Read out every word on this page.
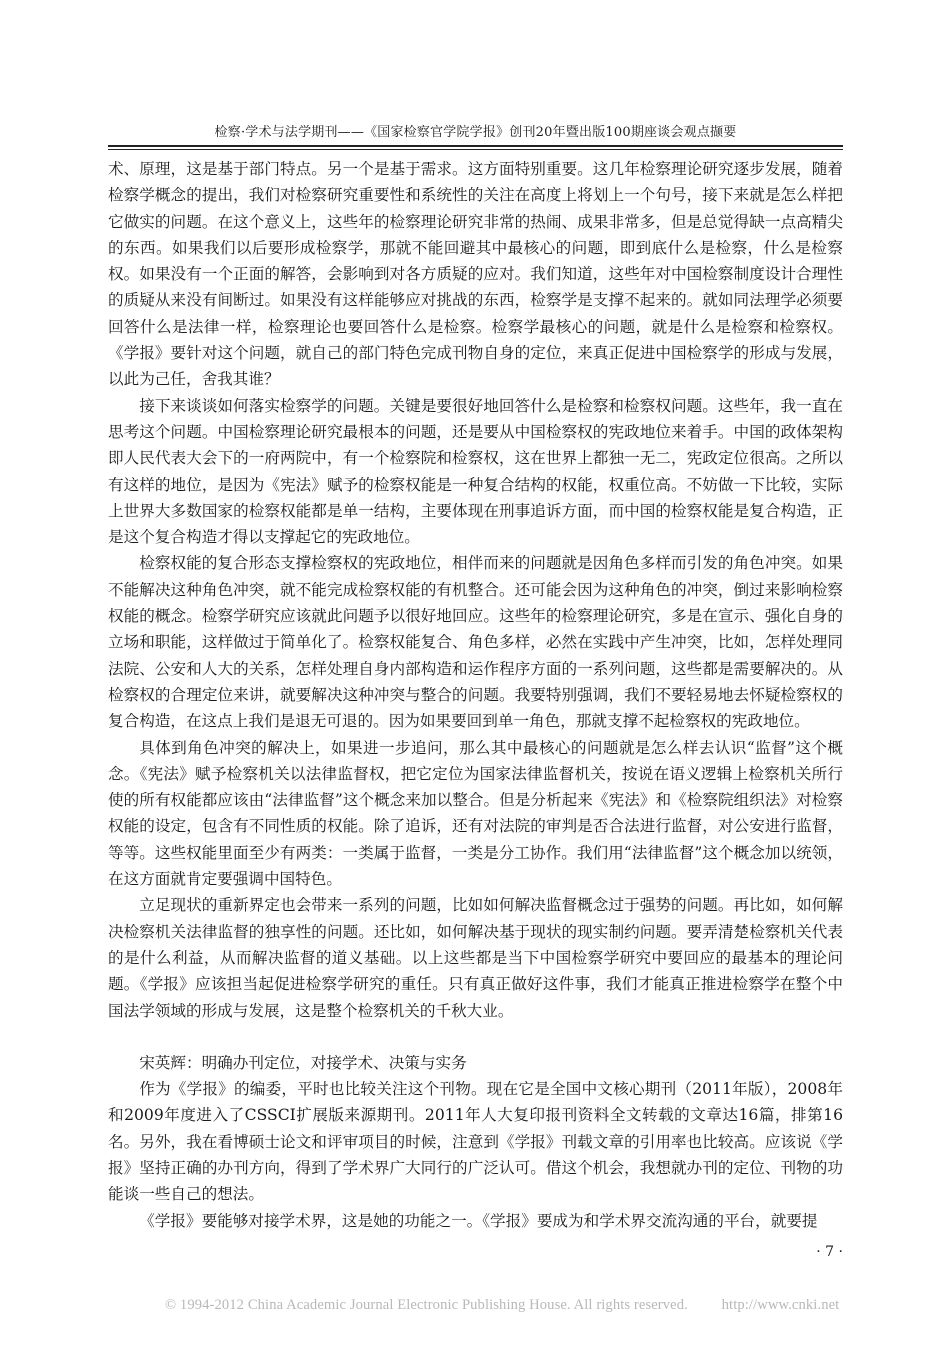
检察·学术与法学期刊——《国家检察官学院学报》创刊20年暨出版100期座谈会观点撷要

术、原理，这是基于部门特点。另一个是基于需求。这方面特别重要。这几年检察理论研究逐步发展，随着检察学概念的提出，我们对检察研究重要性和系统性的关注在高度上将划上一个句号，接下来就是怎么样把它做实的问题。在这个意义上，这些年的检察理论研究非常的热闹、成果非常多，但是总觉得缺一点高精尖的东西。如果我们以后要形成检察学，那就不能回避其中最核心的问题，即到底什么是检察，什么是检察权。如果没有一个正面的解答，会影响到对各方质疑的应对。我们知道，这些年对中国检察制度设计合理性的质疑从来没有间断过。如果没有这样能够应对挑战的东西，检察学是支撑不起来的。就如同法理学必须要回答什么是法律一样，检察理论也要回答什么是检察。检察学最核心的问题，就是什么是检察和检察权。《学报》要针对这个问题，就自己的部门特色完成刊物自身的定位，来真正促进中国检察学的形成与发展，以此为己任，舍我其谁？

接下来谈谈如何落实检察学的问题。关键是要很好地回答什么是检察和检察权问题。这些年，我一直在思考这个问题。中国检察理论研究最根本的问题，还是要从中国检察权的宪政地位来着手。中国的政体架构即人民代表大会下的一府两院中，有一个检察院和检察权，这在世界上都独一无二，宪政定位很高。之所以有这样的地位，是因为《宪法》赋予的检察权能是一种复合结构的权能，权重位高。不妨做一下比较，实际上世界大多数国家的检察权能都是单一结构，主要体现在刑事追诉方面，而中国的检察权能是复合构造，正是这个复合构造才得以支撑起它的宪政地位。

检察权能的复合形态支撑检察权的宪政地位，相伴而来的问题就是因角色多样而引发的角色冲突。如果不能解决这种角色冲突，就不能完成检察权能的有机整合。还可能会因为这种角色的冲突，倒过来影响检察权能的概念。检察学研究应该就此问题予以很好地回应。这些年的检察理论研究，多是在宣示、强化自身的立场和职能，这样做过于简单化了。检察权能复合、角色多样，必然在实践中产生冲突，比如，怎样处理同法院、公安和人大的关系，怎样处理自身内部构造和运作程序方面的一系列问题，这些都是需要解决的。从检察权的合理定位来讲，就要解决这种冲突与整合的问题。我要特别强调，我们不要轻易地去怀疑检察权的复合构造，在这点上我们是退无可退的。因为如果要回到单一角色，那就支撑不起检察权的宪政地位。

具体到角色冲突的解决上，如果进一步追问，那么其中最核心的问题就是怎么样去认识“监督”这个概念。《宪法》赋予检察机关以法律监督权，把它定位为国家法律监督机关，按说在语义逻辑上检察机关所行使的所有权能都应该由“法律监督”这个概念来加以整合。但是分析起来《宪法》和《检察院组织法》对检察权能的设定，包含有不同性质的权能。除了追诉，还有对法院的审判是否合法进行监督，对公安进行监督，等等。这些权能里面至少有两类：一类属于监督，一类是分工协作。我们用“法律监督”这个概念加以统领，在这方面就肯定要强调中国特色。

立足现状的重新界定也会带来一系列的问题，比如如何解决监督概念过于强势的问题。再比如，如何解决检察机关法律监督的独享性的问题。还比如，如何解决基于现状的现实制约问题。要弄清楚检察机关代表的是什么利益，从而解决监督的道义基础。以上这些都是当下中国检察学研究中要回应的最基本的理论问题。《学报》应该担当起促进检察学研究的重任。只有真正做好这件事，我们才能真正推进检察学在整个中国法学领域的形成与发展，这是整个检察机关的千秋大业。

宋英辉：明确办刊定位，对接学术、决策与实务

作为《学报》的编委，平时也比较关注这个刊物。现在它是全国中文核心期刊（2011年版），2008年和2009年度进入了CSSCI扩展版来源期刊。2011年人大复印报刊资料全文转载的文章达16篇，排第16名。另外，我在看博硕士论文和评审项目的时候，注意到《学报》刊载文章的引用率也比较高。应该说《学报》坚持正确的办刊方向，得到了学术界广大同行的广泛认可。借这个机会，我想就办刊的定位、刊物的功能谈一些自己的想法。

《学报》要能够对接学术界，这是她的功能之一。《学报》要成为和学术界交流沟通的平台，就要提

· 7 ·
© 1994-2012 China Academic Journal Electronic Publishing House. All rights reserved. http://www.cnki.net
